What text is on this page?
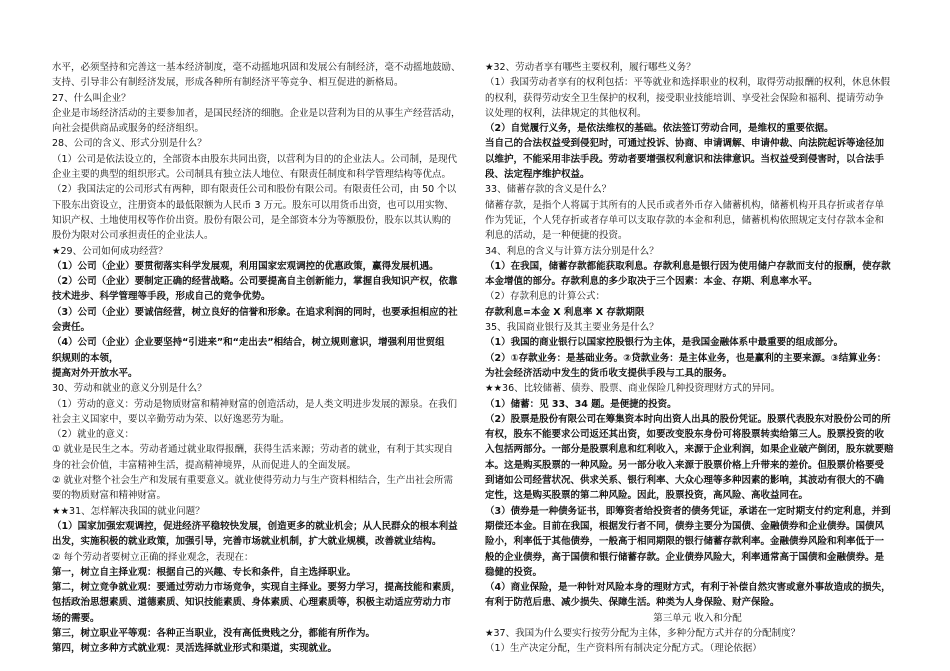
水平，必须坚持和完善这一基本经济制度，毫不动摇地巩固和发展公有制经济，毫不动摇地鼓励、
支持、引导非公有制经济发展，形成各种所有制经济平等竞争、相互促进的新格局。
27、什么叫企业？
企业是市场经济活动的主要参加者，是国民经济的细胞。企业是以营利为目的从事生产经营活动，
向社会提供商品或服务的经济组织。
28、公司的含义、形式分别是什么？
（1）公司是依法设立的，全部资本由股东共同出资，以营利为目的的企业法人。公司制，是现代
企业主要的典型的组织形式。公司制具有独立法人地位、有限责任制度和科学管理结构等优点。
（2）我国法定的公司形式有两种，即有限责任公司和股份有限公司。有限责任公司，由 50 个以
下股东出资设立，注册资本的最低限额为人民币 3 万元。股东可以用货币出资，也可以用实物、
知识产权、土地使用权等作价出资。股份有限公司，是全部资本分为等额股份，股东以其认购的
股份为限对公司承担责任的企业法人。
★29、公司如何成功经营？
（1）公司（企业）要贯彻落实科学发展观，利用国家宏观调控的优惠政策，赢得发展机遇。
（2）公司（企业）要制定正确的经营战略。公司要提高自主创新能力，掌握自我知识产权，依靠
技术进步、科学管理等手段，形成自己的竞争优势。
（3）公司（企业）要诚信经营，树立良好的信誉和形象。在追求利润的同时，也要承担相应的社
会责任。
（4）公司（企业）企业要坚持“引进来”和“走出去”相结合，树立规则意识，增强利用世贸组
织规则的本领，
提高对外开放水平。
30、劳动和就业的意义分别是什么？
（1）劳动的意义：劳动是物质财富和精神财富的创造活动，是人类文明进步发展的源泉。在我们
社会主义国家中，要以辛勤劳动为荣、以好逸恶劳为耻。
（2）就业的意义：
① 就业是民生之本。劳动者通过就业取得报酬，获得生活来源；劳动者的就业，有利于其实现自
身的社会价值，丰富精神生活，提高精神境界，从而促进人的全面发展。
② 就业对整个社会生产和发展有重要意义。就业使得劳动力与生产资料相结合，生产出社会所需
要的物质财富和精神财富。
★★31、怎样解决我国的就业问题？
（1）国家加强宏观调控，促进经济平稳较快发展，创造更多的就业机会；从人民群众的根本利益
出发，实施积极的就业政策，加强引导，完善市场就业机制，扩大就业规模，改善就业结构。
② 每个劳动者要树立正确的择业观念，表现在：
第一，树立自主择业观：根据自己的兴趣、专长和条件，自主选择职业。
第二，树立竞争就业观：要通过劳动力市场竞争，实现自主择业。要努力学习，提高技能和素质，
包括政治思想素质、道德素质、知识技能素质、身体素质、心理素质等，积极主动适应劳动力市
场的需要。
第三，树立职业平等观：各种正当职业，没有高低贵贱之分，都能有所作为。
第四，树立多种方式就业观：灵活选择就业形式和渠道，实现就业。
★32、劳动者享有哪些主要权利，履行哪些义务？
（1）我国劳动者享有的权利包括：平等就业和选择职业的权利，取得劳动报酬的权利，休息休假
的权利，获得劳动安全卫生保护的权利，接受职业技能培训、享受社会保险和福利、提请劳动争
议处理的权利，法律规定的其他权利。
（2）自觉履行义务，是依法维权的基础。依法签订劳动合同，是维权的重要依据。
当自己的合法权益受到侵犯时，可通过投诉、协商、申请调解、申请仲裁、向法院起诉等途径加
以维护，不能采用非法手段。劳动者要增强权利意识和法律意识。当权益受到侵害时，以合法手
段、法定程序维护权益。
33、储蓄存款的含义是什么？
储蓄存款，是指个人将属于其所有的人民币或者外币存入储蓄机构，储蓄机构开具存折或者存单
作为凭证，个人凭存折或者存单可以支取存款的本金和利息，储蓄机构依照规定支付存款本金和
利息的活动，是一种便捷的投资。
34、利息的含义与计算方法分别是什么？
（1）在我国，储蓄存款都能获取利息。存款利息是银行因为使用储户存款而支付的报酬，使存款
本金增值的部分。存款利息的多少取决于三个因素：本金、存期、利息率水平。
（2）存款利息的计算公式：
存款利息=本金 X 利息率 X 存款期限
35、我国商业银行及其主要业务是什么？
（1）我国的商业银行以国家控股银行为主体，是我国金融体系中最重要的组成部分。
（2）①存款业务：是基础业务。②贷款业务：是主体业务，也是赢利的主要来源。③结算业务：
为社会经济活动中发生的货币收支提供手段与工具的服务。
★★36、比较储蓄、债券、股票、商业保险几种投资理财方式的异同。
（1）储蓄：见 33、34 题。是便捷的投资。
（2）股票是股份有限公司在筹集资本时向出资人出具的股份凭证。股票代表股东对股份公司的所
有权，股东不能要求公司返还其出资，如要改变股东身份可将股票转卖给第三人。股票投资的收
入包括两部分。一部分是股票利息和红利收入，来源于企业利润，如果企业破产倒闭，股东就要赔
本。这是购买股票的一种风险。另一部分收入来源于股票价格上升带来的差价。但股票价格要受
到诸如公司经营状况、供求关系、银行利率、大众心理等多种因素的影响，其波动有很大的不确
定性，这是购买股票的第二种风险。因此，股票投资，高风险、高收益同在。
（3）债券是一种债务证书，即筹资者给投资者的债务凭证，承诺在一定时期支付约定利息，并到
期偿还本金。目前在我国，根据发行者不同，债券主要分为国债、金融债券和企业债券。国债风
险小，利率低于其他债券，一般高于相同期限的银行储蓄存款利率。金融债券风险和利率低于一
般的企业债券，高于国债和银行储蓄存款。企业债券风险大，利率通常高于国债和金融债券。是
稳健的投资。
（4）商业保险，是一种针对风险本身的理财方式，有利于补偿自然灾害或意外事故造成的损失，
有利于防范后患、减少损失、保障生活。种类为人身保险、财产保险。
第三单元 收入和分配
★37、我国为什么要实行按劳分配为主体，多种分配方式并存的分配制度？
（1）生产决定分配，生产资料所有制决定分配方式。（理论依据）
